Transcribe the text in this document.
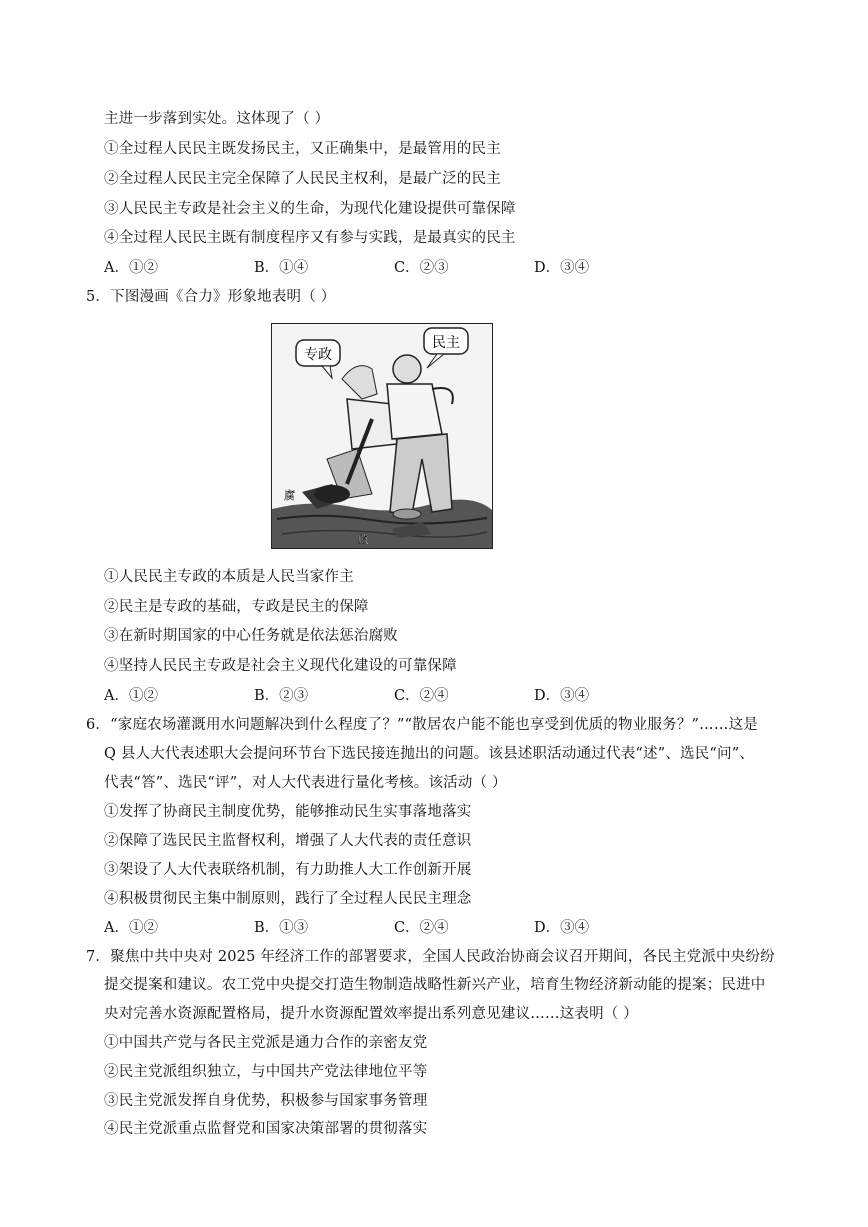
主进一步落到实处。这体现了（ ）
①全过程人民民主既发扬民主，又正确集中，是最管用的民主
②全过程人民民主完全保障了人民民主权利，是最广泛的民主
③人民民主专政是社会主义的生命，为现代化建设提供可靠保障
④全过程人民民主既有制度程序又有参与实践，是最真实的民主
A．①②	B．①④	C．②③	D．③④
5．下图漫画《合力》形象地表明（ ）
专政
民主
腐
败
①人民民主专政的本质是人民当家作主
②民主是专政的基础，专政是民主的保障
③在新时期国家的中心任务就是依法惩治腐败
④坚持人民民主专政是社会主义现代化建设的可靠保障
A．①②	B．②③	C．②④	D．③④
6．“家庭农场灌溉用水问题解决到什么程度了？”“散居农户能不能也享受到优质的物业服务？”……这是
Q 县人大代表述职大会提问环节台下选民接连抛出的问题。该县述职活动通过代表“述”、选民“问”、
代表“答”、选民“评”，对人大代表进行量化考核。该活动（ ）
①发挥了协商民主制度优势，能够推动民生实事落地落实
②保障了选民民主监督权利，增强了人大代表的责任意识
③架设了人大代表联络机制，有力助推人大工作创新开展
④积极贯彻民主集中制原则，践行了全过程人民民主理念
A．①②	B．①③	C．②④	D．③④
7．聚焦中共中央对 2025 年经济工作的部署要求，全国人民政治协商会议召开期间，各民主党派中央纷纷
提交提案和建议。农工党中央提交打造生物制造战略性新兴产业，培育生物经济新动能的提案；民进中
央对完善水资源配置格局，提升水资源配置效率提出系列意见建议……这表明（ ）
①中国共产党与各民主党派是通力合作的亲密友党
②民主党派组织独立，与中国共产党法律地位平等
③民主党派发挥自身优势，积极参与国家事务管理
④民主党派重点监督党和国家决策部署的贯彻落实
